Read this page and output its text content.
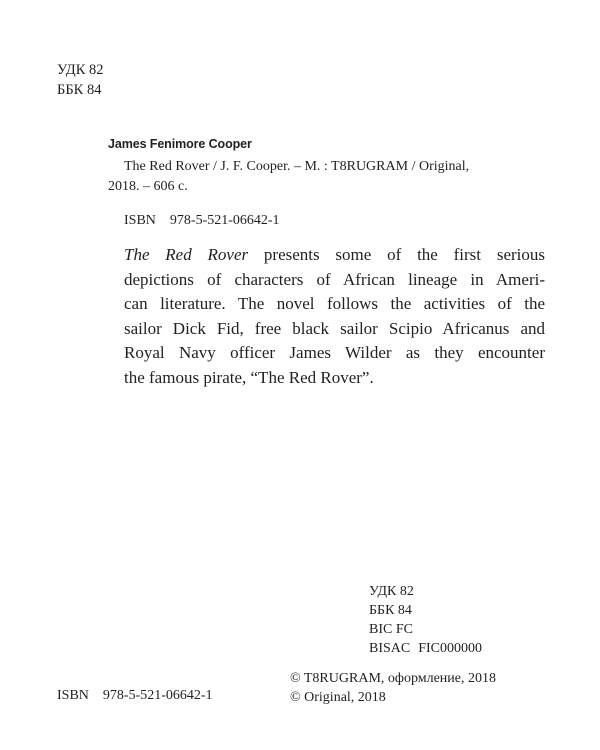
УДК 82
ББК 84
James Fenimore Cooper
The Red Rover / J. F. Cooper. – M. : T8RUGRAM / Original,
2018. – 606 c.
ISBN 978-5-521-06642-1
The Red Rover presents some of the first serious
depictions of characters of African lineage in Ameri-
can literature. The novel follows the activities of the
sailor Dick Fid, free black sailor Scipio Africanus and
Royal Navy officer James Wilder as they encounter
the famous pirate, “The Red Rover”.
УДК 82
ББК 84
BIC FC
BISAC FIC000000
© T8RUGRAM, оформление, 2018
© Original, 2018
ISBN 978-5-521-06642-1
